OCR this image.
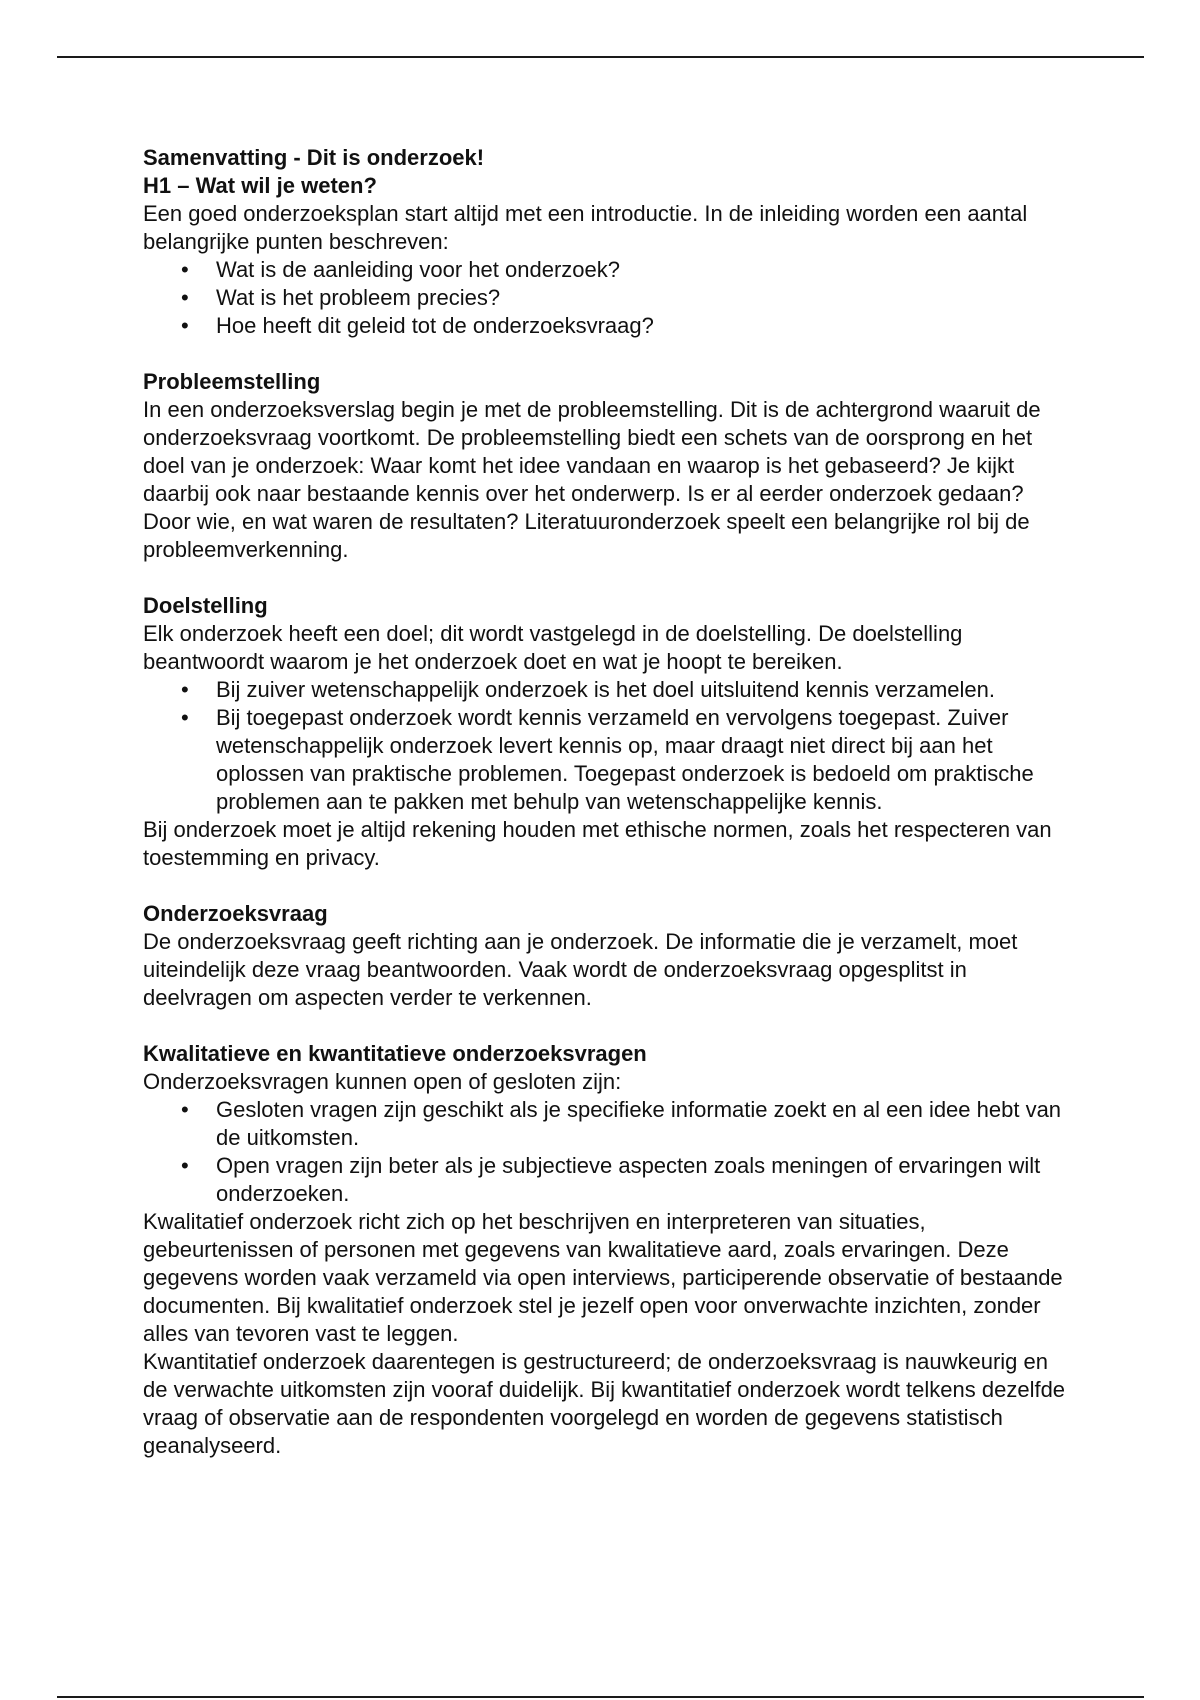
Samenvatting - Dit is onderzoek!
H1 – Wat wil je weten?

Een goed onderzoeksplan start altijd met een introductie. In de inleiding worden een aantal belangrijke punten beschreven:

• Wat is de aanleiding voor het onderzoek?
• Wat is het probleem precies?
• Hoe heeft dit geleid tot de onderzoeksvraag?
Probleemstelling

In een onderzoeksverslag begin je met de probleemstelling. Dit is de achtergrond waaruit de onderzoeksvraag voortkomt. De probleemstelling biedt een schets van de oorsprong en het doel van je onderzoek: Waar komt het idee vandaan en waarop is het gebaseerd? Je kijkt daarbij ook naar bestaande kennis over het onderwerp. Is er al eerder onderzoek gedaan? Door wie, en wat waren de resultaten? Literatuuronderzoek speelt een belangrijke rol bij de probleemverkenning.

Doelstelling

Elk onderzoek heeft een doel; dit wordt vastgelegd in de doelstelling. De doelstelling beantwoordt waarom je het onderzoek doet en wat je hoopt te bereiken.

• Bij zuiver wetenschappelijk onderzoek is het doel uitsluitend kennis verzamelen.
• Bij toegepast onderzoek wordt kennis verzameld en vervolgens toegepast. Zuiver wetenschappelijk onderzoek levert kennis op, maar draagt niet direct bij aan het oplossen van praktische problemen. Toegepast onderzoek is bedoeld om praktische problemen aan te pakken met behulp van wetenschappelijke kennis.

Bij onderzoek moet je altijd rekening houden met ethische normen, zoals het respecteren van toestemming en privacy.

Onderzoeksvraag

De onderzoeksvraag geeft richting aan je onderzoek. De informatie die je verzamelt, moet uiteindelijk deze vraag beantwoorden. Vaak wordt de onderzoeksvraag opgesplitst in deelvragen om aspecten verder te verkennen.

Kwalitatieve en kwantitatieve onderzoeksvragen

Onderzoeksvragen kunnen open of gesloten zijn:

• Gesloten vragen zijn geschikt als je specifieke informatie zoekt en al een idee hebt van de uitkomsten.
• Open vragen zijn beter als je subjectieve aspecten zoals meningen of ervaringen wilt onderzoeken.

Kwalitatief onderzoek richt zich op het beschrijven en interpreteren van situaties, gebeurtenissen of personen met gegevens van kwalitatieve aard, zoals ervaringen. Deze gegevens worden vaak verzameld via open interviews, participerende observatie of bestaande documenten. Bij kwalitatief onderzoek stel je jezelf open voor onverwachte inzichten, zonder alles van tevoren vast te leggen.

Kwantitatief onderzoek daarentegen is gestructureerd; de onderzoeksvraag is nauwkeurig en de verwachte uitkomsten zijn vooraf duidelijk. Bij kwantitatief onderzoek wordt telkens dezelfde vraag of observatie aan de respondenten voorgelegd en worden de gegevens statistisch geanalyseerd.
